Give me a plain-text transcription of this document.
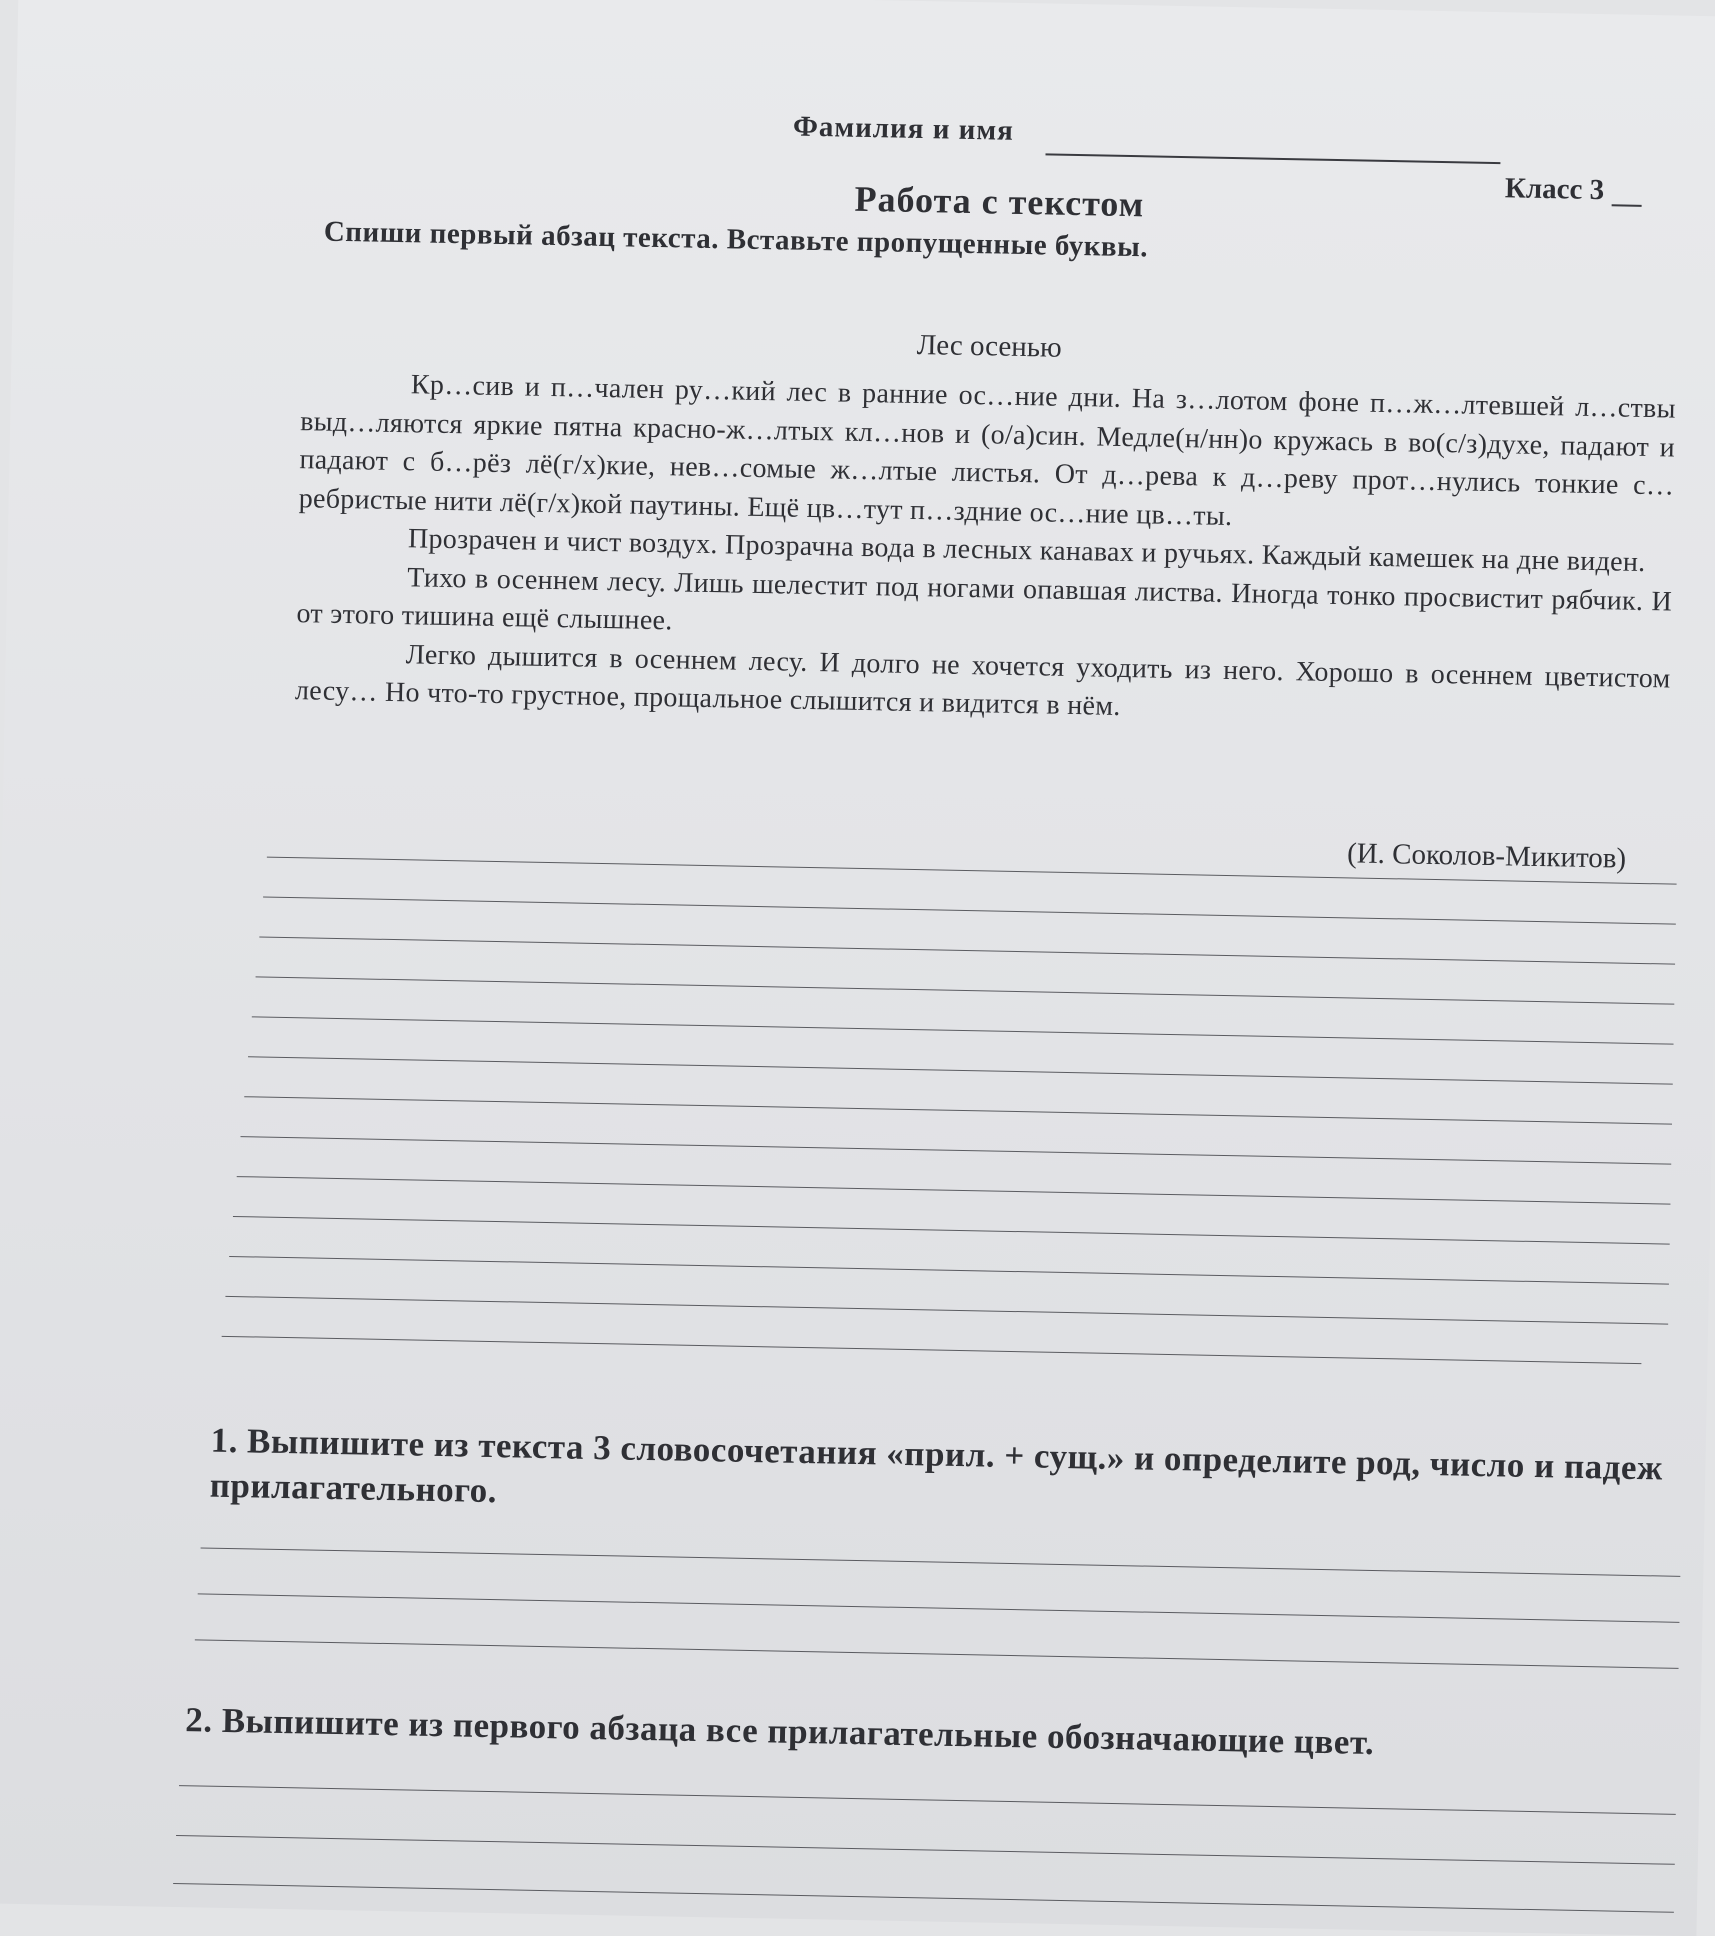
Фамилия и имя
Класс 3
Работа с текстом
Спиши первый абзац текста. Вставьте пропущенные буквы.
Лес осенью

Кр…сив и п…чален ру…кий лес в ранние ос…ние дни. На з…лотом фоне п…ж…лтевшей л…ствы выд…ляются яркие пятна красно-ж…лтых кл…нов и (о/а)син. Медле(н/нн)о кружась в во(с/з)духе, падают и падают с б…рёз лё(г/х)кие, нев…сомые ж…лтые листья. От д…рева к д…реву прот…нулись тонкие с…ребристые нити лё(г/х)кой паутины. Ещё цв…тут п…здние ос…ние цв…ты.

Прозрачен и чист воздух. Прозрачна вода в лесных канавах и ручьях. Каждый камешек на дне виден.

Тихо в осеннем лесу. Лишь шелестит под ногами опавшая листва. Иногда тонко просвистит рябчик. И от этого тишина ещё слышнее.

Легко дышится в осеннем лесу. И долго не хочется уходить из него. Хорошо в осеннем цветистом лесу… Но что-то грустное, прощальное слышится и видится в нём.

(И. Соколов-Микитов)
1. Выпишите из текста 3 словосочетания «прил. + сущ.» и определите род, число и падеж прилагательного.
2. Выпишите из первого абзаца все прилагательные обозначающие цвет.
